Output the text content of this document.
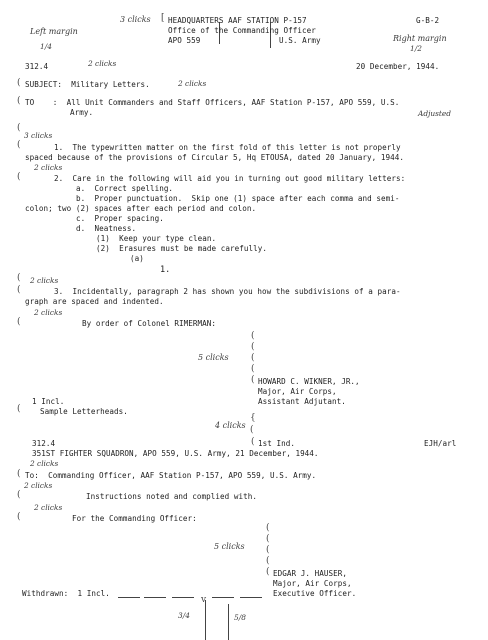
Left margin
1/4
3 clicks [
Right margin
1/2
HEADQUARTERS AAF STATION P-157	G-B-2
Office of the Commanding Officer
APO 559	U.S. Army
312.4	2 clicks	20 December, 1944.
( SUBJECT:  Military Letters.	2 clicks
( TO    :  All Unit Commanders and Staff Officers, AAF Station P-157, APO 559, U.S.
Army.	Adjusted
(
3 clicks
(	1.  The typewritten matter on the first fold of this letter is not properly
spaced because of the provisions of Circular 5, Hq ETOUSA, dated 20 January, 1944.
2 clicks
(	2.  Care in the following will aid you in turning out good military letters:
a.  Correct spelling.
b.  Proper punctuation.  Skip one (1) space after each comma and semi-
colon; two (2) spaces after each period and colon.
c.  Proper spacing.
d.  Neatness.
(1)  Keep your type clean.
(2)  Erasures must be made carefully.
(a)
1.
( 2 clicks
(	3.  Incidentally, paragraph 2 has shown you how the subdivisions of a para-
graph are spaced and indented.
2 clicks
(	By order of Colonel RIMERMAN:
(
(
(
5 clicks
(
( HOWARD C. WIKNER, JR.,
Major, Air Corps,
Assistant Adjutant.
1 Incl.
(	Sample Letterheads.
{
4 clicks (
312.4	( 1st Ind.	EJH/arl
351ST FIGHTER SQUADRON, APO 559, U.S. Army, 21 December, 1944.
2 clicks
( To:  Commanding Officer, AAF Station P-157, APO 559, U.S. Army.
2 clicks
(	Instructions noted and complied with.
2 clicks
(	For the Commanding Officer:
(
(
5 clicks (
(
( EDGAR J. HAUSER,
Major, Air Corps,
Withdrawn:  1 Incl.	Executive Officer.
3/4
v
5/8
